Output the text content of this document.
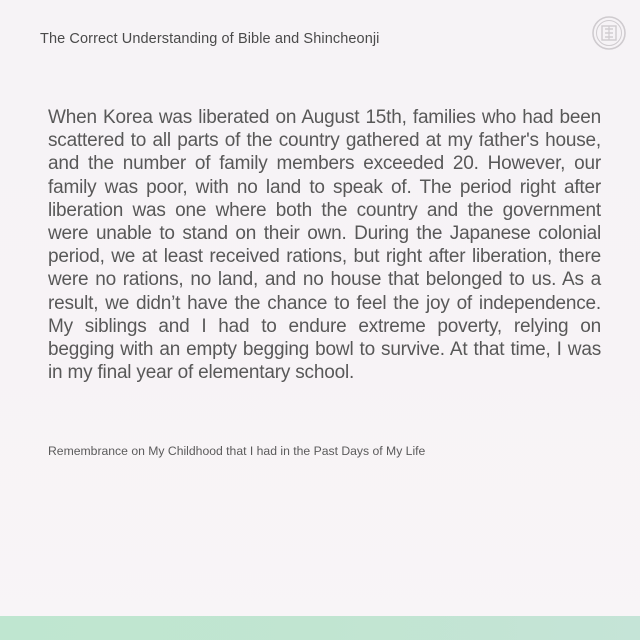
The Correct Understanding of Bible and Shincheonji

When Korea was liberated on August 15th, families who had been scattered to all parts of the country gathered at my father's house, and the number of family members exceeded 20. However, our family was poor, with no land to speak of. The period right after liberation was one where both the country and the government were unable to stand on their own. During the Japanese colonial period, we at least received rations, but right after liberation, there were no rations, no land, and no house that belonged to us. As a result, we didn’t have the chance to feel the joy of independence. My siblings and I had to endure extreme poverty, relying on begging with an empty begging bowl to survive. At that time, I was in my final year of elementary school.

Remembrance on My Childhood that I had in the Past Days of My Life
